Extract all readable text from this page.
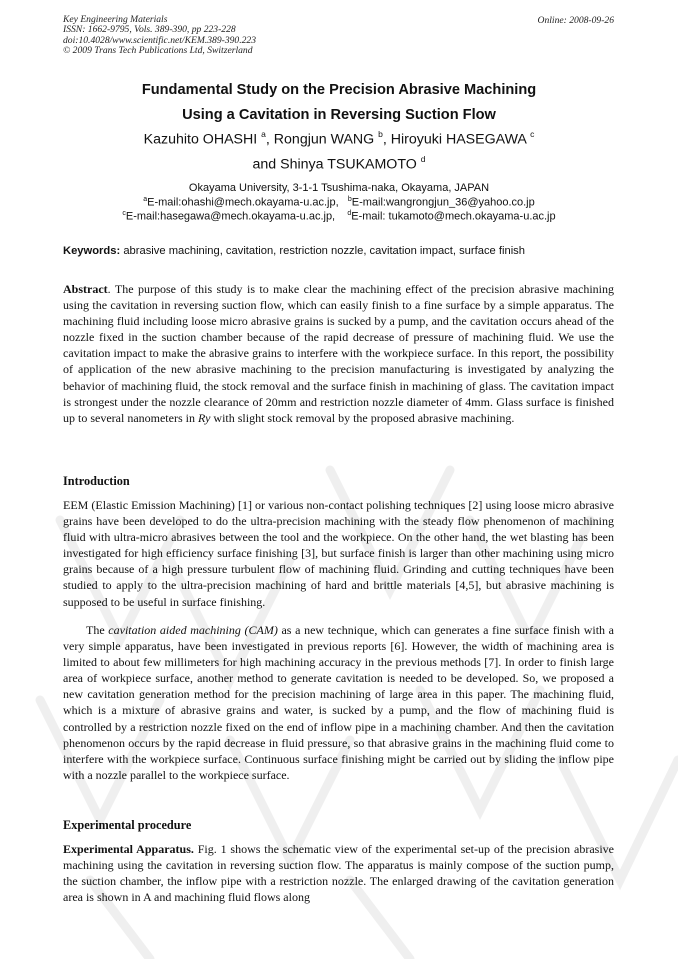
Key Engineering Materials
ISSN: 1662-9795, Vols. 389-390, pp 223-228
doi:10.4028/www.scientific.net/KEM.389-390.223
© 2009 Trans Tech Publications Ltd, Switzerland
Online: 2008-09-26
Fundamental Study on the Precision Abrasive Machining
Using a Cavitation in Reversing Suction Flow
Kazuhito OHASHI $^a$, Rongjun WANG $^b$, Hiroyuki HASEGAWA $^c$
and Shinya TSUKAMOTO $^d$
Okayama University, 3-1-1 Tsushima-naka, Okayama, JAPAN
$^a$E-mail:ohashi@mech.okayama-u.ac.jp, $^b$E-mail:wangrongjun_36@yahoo.co.jp
$^c$E-mail:hasegawa@mech.okayama-u.ac.jp, $^d$E-mail: tukamoto@mech.okayama-u.ac.jp
Keywords: abrasive machining, cavitation, restriction nozzle, cavitation impact, surface finish
Abstract. The purpose of this study is to make clear the machining effect of the precision abrasive machining using the cavitation in reversing suction flow, which can easily finish to a fine surface by a simple apparatus. The machining fluid including loose micro abrasive grains is sucked by a pump, and the cavitation occurs ahead of the nozzle fixed in the suction chamber because of the rapid decrease of pressure of machining fluid. We use the cavitation impact to make the abrasive grains to interfere with the workpiece surface. In this report, the possibility of application of the new abrasive machining to the precision manufacturing is investigated by analyzing the behavior of machining fluid, the stock removal and the surface finish in machining of glass. The cavitation impact is strongest under the nozzle clearance of 20mm and restriction nozzle diameter of 4mm. Glass surface is finished up to several nanometers in Ry with slight stock removal by the proposed abrasive machining.
Introduction
EEM (Elastic Emission Machining) [1] or various non-contact polishing techniques [2] using loose micro abrasive grains have been developed to do the ultra-precision machining with the steady flow phenomenon of machining fluid with ultra-micro abrasives between the tool and the workpiece. On the other hand, the wet blasting has been investigated for high efficiency surface finishing [3], but surface finish is larger than other machining using micro grains because of a high pressure turbulent flow of machining fluid. Grinding and cutting techniques have been studied to apply to the ultra-precision machining of hard and brittle materials [4,5], but abrasive machining is supposed to be useful in surface finishing.
The cavitation aided machining (CAM) as a new technique, which can generates a fine surface finish with a very simple apparatus, have been investigated in previous reports [6]. However, the width of machining area is limited to about few millimeters for high machining accuracy in the previous methods [7]. In order to finish large area of workpiece surface, another method to generate cavitation is needed to be developed. So, we proposed a new cavitation generation method for the precision machining of large area in this paper. The machining fluid, which is a mixture of abrasive grains and water, is sucked by a pump, and the flow of machining fluid is controlled by a restriction nozzle fixed on the end of inflow pipe in a machining chamber. And then the cavitation phenomenon occurs by the rapid decrease in fluid pressure, so that abrasive grains in the machining fluid come to interfere with the workpiece surface. Continuous surface finishing might be carried out by sliding the inflow pipe with a nozzle parallel to the workpiece surface.
Experimental procedure
Experimental Apparatus. Fig. 1 shows the schematic view of the experimental set-up of the precision abrasive machining using the cavitation in reversing suction flow. The apparatus is mainly compose of the suction pump, the suction chamber, the inflow pipe with a restriction nozzle. The enlarged drawing of the cavitation generation area is shown in A and machining fluid flows along
